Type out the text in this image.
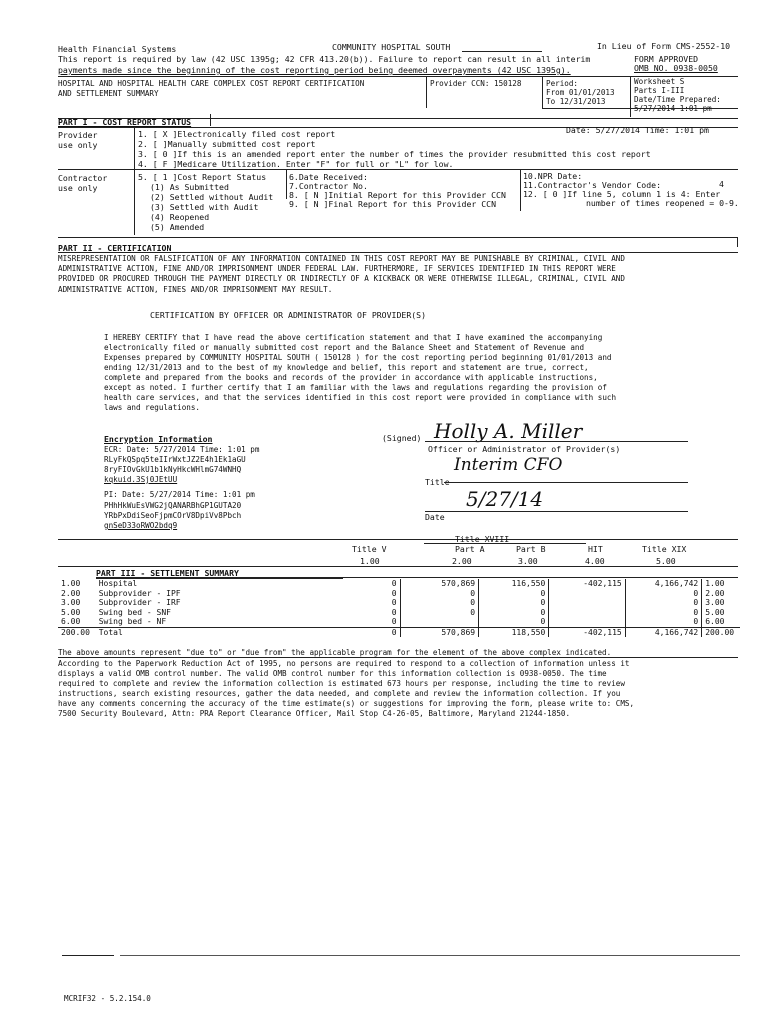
Health Financial Systems	COMMUNITY HOSPITAL SOUTH	In Lieu of Form CMS-2552-10
This report is required by law (42 USC 1395g; 42 CFR 413.20(b)). Failure to report can result in all interim	FORM APPROVED
payments made since the beginning of the cost reporting period being deemed overpayments (42 USC 1395g).	OMB NO. 0938-0050
HOSPITAL AND HOSPITAL HEALTH CARE COMPLEX COST REPORT CERTIFICATION
AND SETTLEMENT SUMMARY
Provider CCN: 150128	Period:
From 01/01/2013
To 12/31/2013
Worksheet S
Parts I-III
Date/Time Prepared:
5/27/2014 1:01 pm
PART I - COST REPORT STATUS
Provider
use only
1. [ X ]Electronically filed cost report	Date: 5/27/2014 Time: 1:01 pm
2. [ ]Manually submitted cost report
3. [ 0 ]If this is an amended report enter the number of times the provider resubmitted this cost report
4. [ F ]Medicare Utilization. Enter "F" for full or "L" for low.
Contractor
use only
5. [ 1 ]Cost Report Status
(1) As Submitted
(2) Settled without Audit
(3) Settled with Audit
(4) Reopened
(5) Amended
6.Date Received:
7.Contractor No.
8. [ N ]Initial Report for this Provider CCN
9. [ N ]Final Report for this Provider CCN
10.NPR Date:
11.Contractor's Vendor Code:	4
12. [ 0 ]If line 5, column 1 is 4: Enter
number of times reopened = 0-9.
PART II - CERTIFICATION
MISREPRESENTATION OR FALSIFICATION OF ANY INFORMATION CONTAINED IN THIS COST REPORT MAY BE PUNISHABLE BY CRIMINAL, CIVIL AND
ADMINISTRATIVE ACTION, FINE AND/OR IMPRISONMENT UNDER FEDERAL LAW. FURTHERMORE, IF SERVICES IDENTIFIED IN THIS REPORT WERE
PROVIDED OR PROCURED THROUGH THE PAYMENT DIRECTLY OR INDIRECTLY OF A KICKBACK OR WERE OTHERWISE ILLEGAL, CRIMINAL, CIVIL AND
ADMINISTRATIVE ACTION, FINES AND/OR IMPRISONMENT MAY RESULT.
CERTIFICATION BY OFFICER OR ADMINISTRATOR OF PROVIDER(S)
I HEREBY CERTIFY that I have read the above certification statement and that I have examined the accompanying
electronically filed or manually submitted cost report and the Balance Sheet and Statement of Revenue and
Expenses prepared by COMMUNITY HOSPITAL SOUTH ( 150128 ) for the cost reporting period beginning 01/01/2013 and
ending 12/31/2013 and to the best of my knowledge and belief, this report and statement are true, correct,
complete and prepared from the books and records of the provider in accordance with applicable instructions,
except as noted. I further certify that I am familiar with the laws and regulations regarding the provision of
health care services, and that the services identified in this cost report were provided in compliance with such
laws and regulations.
Encryption Information
ECR: Date: 5/27/2014 Time: 1:01 pm
RLyFkQSpq5teIIrWxtJZ2E4h1Ek1aGU
8ryFIOvGkU1b1kNyHkcWHlmG74WNHQ
kqkuid.3Sj0JEtUU
PI: Date: 5/27/2014 Time: 1:01 pm
PHhHkWuEsVWG2jQANARBhGP1GUTA20
YRbPxDdiSeoFjpmCOrV8DpiVv8Pbch
gnSeD33oRWO2bdq9
(Signed) Holly A. Miller
Officer or Administrator of Provider(s)
Interim CFO
Title
5/27/14
Date
Title XVIII
Title V	Part A	Part B	HIT	Title XIX
1.00	2.00	3.00	4.00	5.00
PART III - SETTLEMENT SUMMARY
1.00	Hospital	0	570,869	116,550	-402,115	4,166,742	1.00
2.00	Subprovider - IPF	0	0	0		0	2.00
3.00	Subprovider - IRF	0	0	0		0	3.00
5.00	Swing bed - SNF	0	0	0		0	5.00
6.00	Swing bed - NF	0		0		0	6.00
200.00	Total	0	570,869	118,550	-402,115	4,166,742	200.00
The above amounts represent "due to" or "due from" the applicable program for the element of the above complex indicated.
According to the Paperwork Reduction Act of 1995, no persons are required to respond to a collection of information unless it
displays a valid OMB control number. The valid OMB control number for this information collection is 0938-0050. The time
required to complete and review the information collection is estimated 673 hours per response, including the time to review
instructions, search existing resources, gather the data needed, and complete and review the information collection. If you
have any comments concerning the accuracy of the time estimate(s) or suggestions for improving the form, please write to: CMS,
7500 Security Boulevard, Attn: PRA Report Clearance Officer, Mail Stop C4-26-05, Baltimore, Maryland 21244-1850.
MCRIF32 - 5.2.154.0
